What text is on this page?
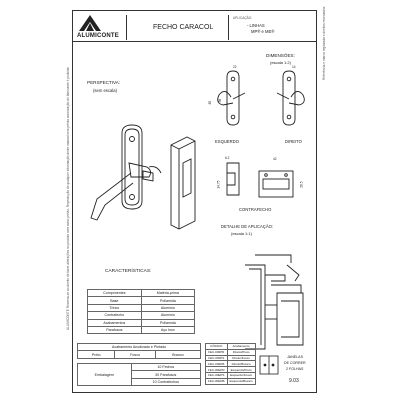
ALUMICONTE
FECHO CARACOL
APLICAÇÃO:
- LINHAS
MP® e ME®
PERSPECTIVA:
(sem escala)
DIMENSÕES:
(escala 1:2)
22	14
65
38
ESQUERDO	DIREITO
6.2	42
14.75	26.5
CONTRAFECHO
DETALHE DE APLICAÇÃO:
(escala 1:1)
CARACTERÍSTICAS:
Componentes	Matéria-prima
Base	Poliamida
Trinco	Alumínio
Contrafecho	Alumínio
Acabamentos	Poliamida
Parafusos	Aço Inox
Acabamento Anodizado e Pintado
Preto	Fosco	Branco
Embalagem	10 Fechos
30 Parafusos
10 Contrafechos
CÓDIGO	Acabamento
FEC-000PR	Direito/Preto
FEC-000PS	Direito/Fosco
FEC-000DB	Direito/Branco
FEC-00EPR	Esquerdo/Preto
FEC-00EPS	Esquerdo/Fosco
FEC-00EDB	Esquerdo/Branco
JANELAS
DE CORRER
2 FOLHAS
9.03
ALUMICONTE Reserva-se ao direito de fazer alterações no produto sem aviso prévio. Reprodução de qualquer informação deste manual sem prévia autorização do fabricante é proibida
Referência e marca registrada e direitos reservados
